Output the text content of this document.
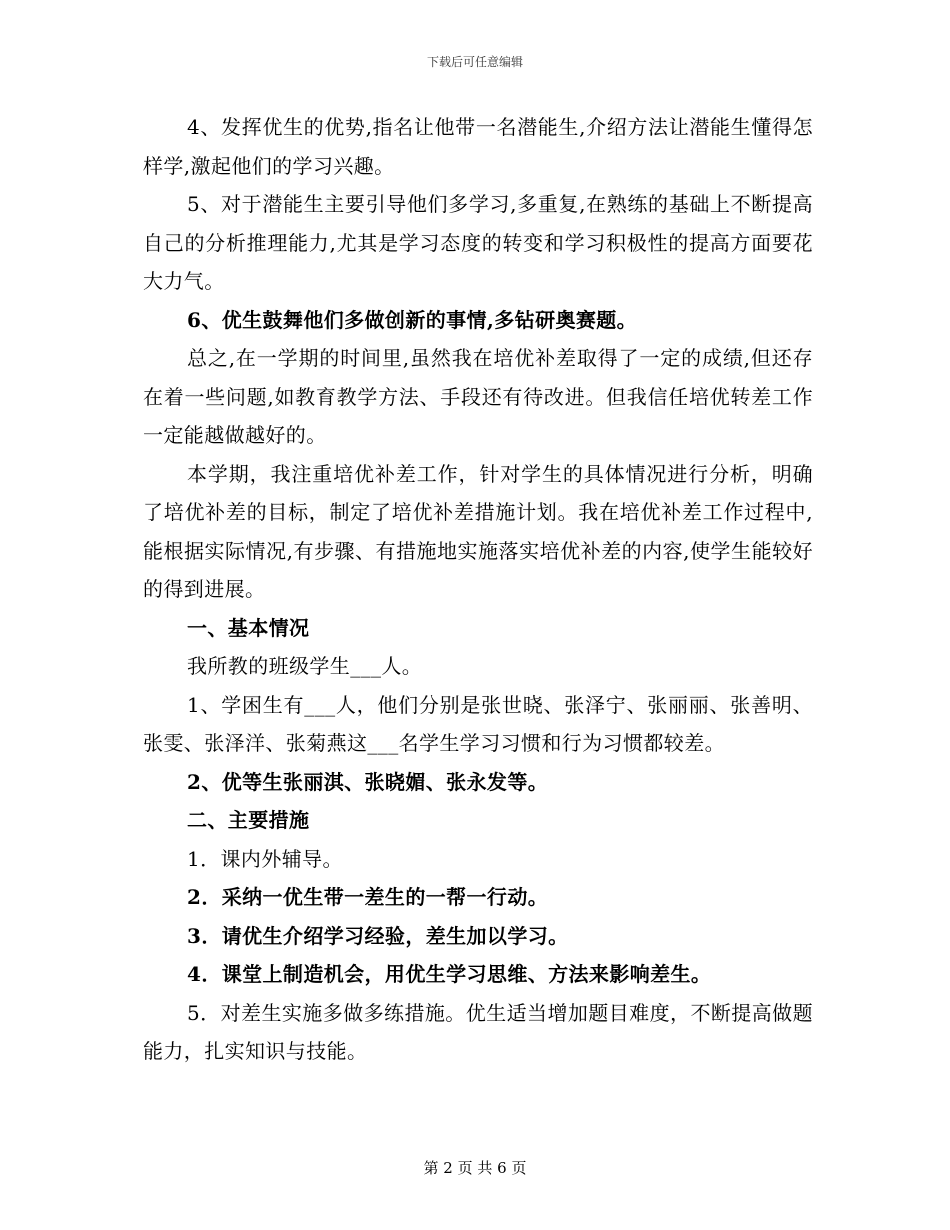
下载后可任意编辑

4、发挥优生的优势,指名让他带一名潜能生,介绍方法让潜能生懂得怎样学,激起他们的学习兴趣。

5、对于潜能生主要引导他们多学习,多重复,在熟练的基础上不断提高自己的分析推理能力,尤其是学习态度的转变和学习积极性的提高方面要花大力气。

6、优生鼓舞他们多做创新的事情,多钻研奥赛题。

总之,在一学期的时间里,虽然我在培优补差取得了一定的成绩,但还存在着一些问题,如教育教学方法、手段还有待改进。但我信任培优转差工作一定能越做越好的。

本学期，我注重培优补差工作，针对学生的具体情况进行分析，明确了培优补差的目标，制定了培优补差措施计划。我在培优补差工作过程中,能根据实际情况,有步骤、有措施地实施落实培优补差的内容,使学生能较好的得到进展。

一、基本情况

我所教的班级学生___人。

1、学困生有___人，他们分别是张世晓、张泽宁、张丽丽、张善明、张雯、张泽洋、张菊燕这___名学生学习习惯和行为习惯都较差。

2、优等生张丽淇、张晓媚、张永发等。

二、主要措施

1．课内外辅导。

2．采纳一优生带一差生的一帮一行动。

3．请优生介绍学习经验，差生加以学习。

4．课堂上制造机会，用优生学习思维、方法来影响差生。

5．对差生实施多做多练措施。优生适当增加题目难度，不断提高做题能力，扎实知识与技能。

第 2 页 共 6 页
